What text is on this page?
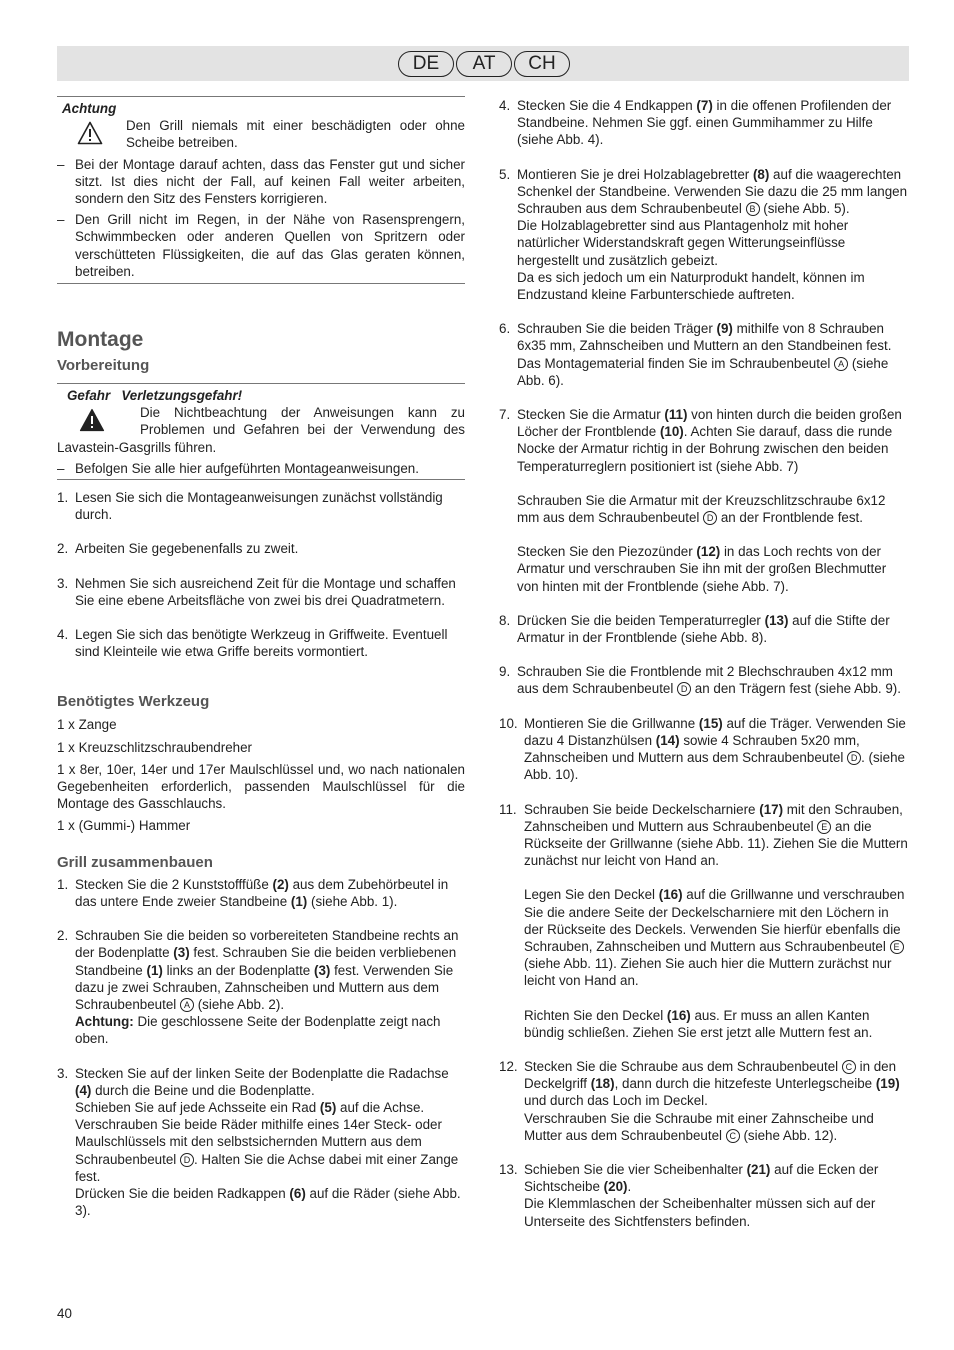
DE	AT	CH
Achtung
Den Grill niemals mit einer beschädigten oder ohne Scheibe betreiben.
– Bei der Montage darauf achten, dass das Fenster gut und sicher sitzt. Ist dies nicht der Fall, auf keinen Fall weiter arbeiten, sondern den Sitz des Fensters korrigieren.
– Den Grill nicht im Regen, in der Nähe von Rasensprengern, Schwimmbecken oder anderen Quellen von Spritzern oder verschütteten Flüssigkeiten, die auf das Glas geraten können, betreiben.
Montage
Vorbereitung
Gefahr Verletzungsgefahr!
Die Nichtbeachtung der Anweisungen kann zu Problemen und Gefahren bei der Verwendung des Lavastein-Gasgrills führen.
– Befolgen Sie alle hier aufgeführten Montageanweisungen.
1. Lesen Sie sich die Montageanweisungen zunächst vollständig durch.

2. Arbeiten Sie gegebenenfalls zu zweit.

3. Nehmen Sie sich ausreichend Zeit für die Montage und schaffen Sie eine ebene Arbeitsfläche von zwei bis drei Quadratmetern.

4. Legen Sie sich das benötigte Werkzeug in Griffweite. Eventuell sind Kleinteile wie etwa Griffe bereits vormontiert.

Benötigtes Werkzeug

1 x Zange

1 x Kreuzschlitzschraubendreher

1 x 8er, 10er, 14er und 17er Maulschlüssel und, wo nach nationalen Gegebenheiten erforderlich, passenden Maulschlüssel für die Montage des Gasschlauchs.

1 x (Gummi-) Hammer

Grill zusammenbauen
1. Stecken Sie die 2 Kunststofffüße (2) aus dem Zubehörbeutel in das untere Ende zweier Standbeine (1) (siehe Abb. 1).

2. Schrauben Sie die beiden so vorbereiteten Standbeine rechts an der Bodenplatte (3) fest. Schrauben Sie die beiden verbliebenen Standbeine (1) links an der Bodenplatte (3) fest. Verwenden Sie dazu je zwei Schrauben, Zahnscheiben und Muttern aus dem Schraubenbeutel A (siehe Abb. 2).

Achtung: Die geschlossene Seite der Bodenplatte zeigt nach oben.

3. Stecken Sie auf der linken Seite der Bodenplatte die Radachse (4) durch die Beine und die Bodenplatte.

Schieben Sie auf jede Achsseite ein Rad (5) auf die Achse. Verschrauben Sie beide Räder mithilfe eines 14er Steck- oder Maulschlüssels mit den selbstsichernden Muttern aus dem Schraubenbeutel D . Halten Sie die Achse dabei mit einer Zange fest.

Drücken Sie die beiden Radkappen (6) auf die Räder (siehe Abb. 3).

4. Stecken Sie die 4 Endkappen (7) in die offenen Profilenden der Standbeine. Nehmen Sie ggf. einen Gummihammer zu Hilfe (siehe Abb. 4).

5. Montieren Sie je drei Holzablagebretter (8) auf die waagerechten Schenkel der Standbeine. Verwenden Sie dazu die 25 mm langen Schrauben aus dem Schraubenbeutel B (siehe Abb. 5).

Die Holzablagebretter sind aus Plantagenholz mit hoher natürlicher Widerstandskraft gegen Witterungseinflüsse hergestellt und zusätzlich gebeizt.

Da es sich jedoch um ein Naturprodukt handelt, können im Endzustand kleine Farbunterschiede auftreten.

6. Schrauben Sie die beiden Träger (9) mithilfe von 8 Schrauben 6x35 mm, Zahnscheiben und Muttern an den Standbeinen fest. Das Montagematerial finden Sie im Schraubenbeutel A (siehe Abb. 6).

7. Stecken Sie die Armatur (11) von hinten durch die beiden großen Löcher der Frontblende (10). Achten Sie darauf, dass die runde Nocke der Armatur richtig in der Bohrung zwischen den beiden Temperaturreglern positioniert ist (siehe Abb. 7)

Schrauben Sie die Armatur mit der Kreuzschlitzschraube 6x12 mm aus dem Schraubenbeutel D an der Frontblende fest.

Stecken Sie den Piezozünder (12) in das Loch rechts von der Armatur und verschrauben Sie ihn mit der großen Blechmutter von hinten mit der Frontblende (siehe Abb. 7).

8. Drücken Sie die beiden Temperaturregler (13) auf die Stifte der Armatur in der Frontblende (siehe Abb. 8).

9. Schrauben Sie die Frontblende mit 2 Blechschrauben 4x12 mm aus dem Schraubenbeutel D an den Trägern fest (siehe Abb. 9).

10. Montieren Sie die Grillwanne (15) auf die Träger. Verwenden Sie dazu 4 Distanzhülsen (14) sowie 4 Schrauben 5x20 mm, Zahnscheiben und Muttern aus dem Schraubenbeutel D . (siehe Abb. 10).

11. Schrauben Sie beide Deckelscharniere (17) mit den Schrauben, Zahnscheiben und Muttern aus Schraubenbeutel E an die Rückseite der Grillwanne (siehe Abb. 11). Ziehen Sie die Muttern zunächst nur leicht von Hand an.

Legen Sie den Deckel (16) auf die Grillwanne und verschrauben Sie die andere Seite der Deckelscharniere mit den Löchern in der Rückseite des Deckels. Verwenden Sie hierfür ebenfalls die Schrauben, Zahnscheiben und Muttern aus Schraubenbeutel E (siehe Abb. 11). Ziehen Sie auch hier die Muttern zurächst nur leicht von Hand an.

Richten Sie den Deckel (16) aus. Er muss an allen Kanten bündig schließen. Ziehen Sie erst jetzt alle Muttern fest an.

12. Stecken Sie die Schraube aus dem Schraubenbeutel C in den Deckelgriff (18), dann durch die hitzefeste Unterlegscheibe (19) und durch das Loch im Deckel.

Verschrauben Sie die Schraube mit einer Zahnscheibe und Mutter aus dem Schraubenbeutel C (siehe Abb. 12).

13. Schieben Sie die vier Scheibenhalter (21) auf die Ecken der Sichtscheibe (20).

Die Klemmlaschen der Scheibenhalter müssen sich auf der Unterseite des Sichtfensters befinden.

40
